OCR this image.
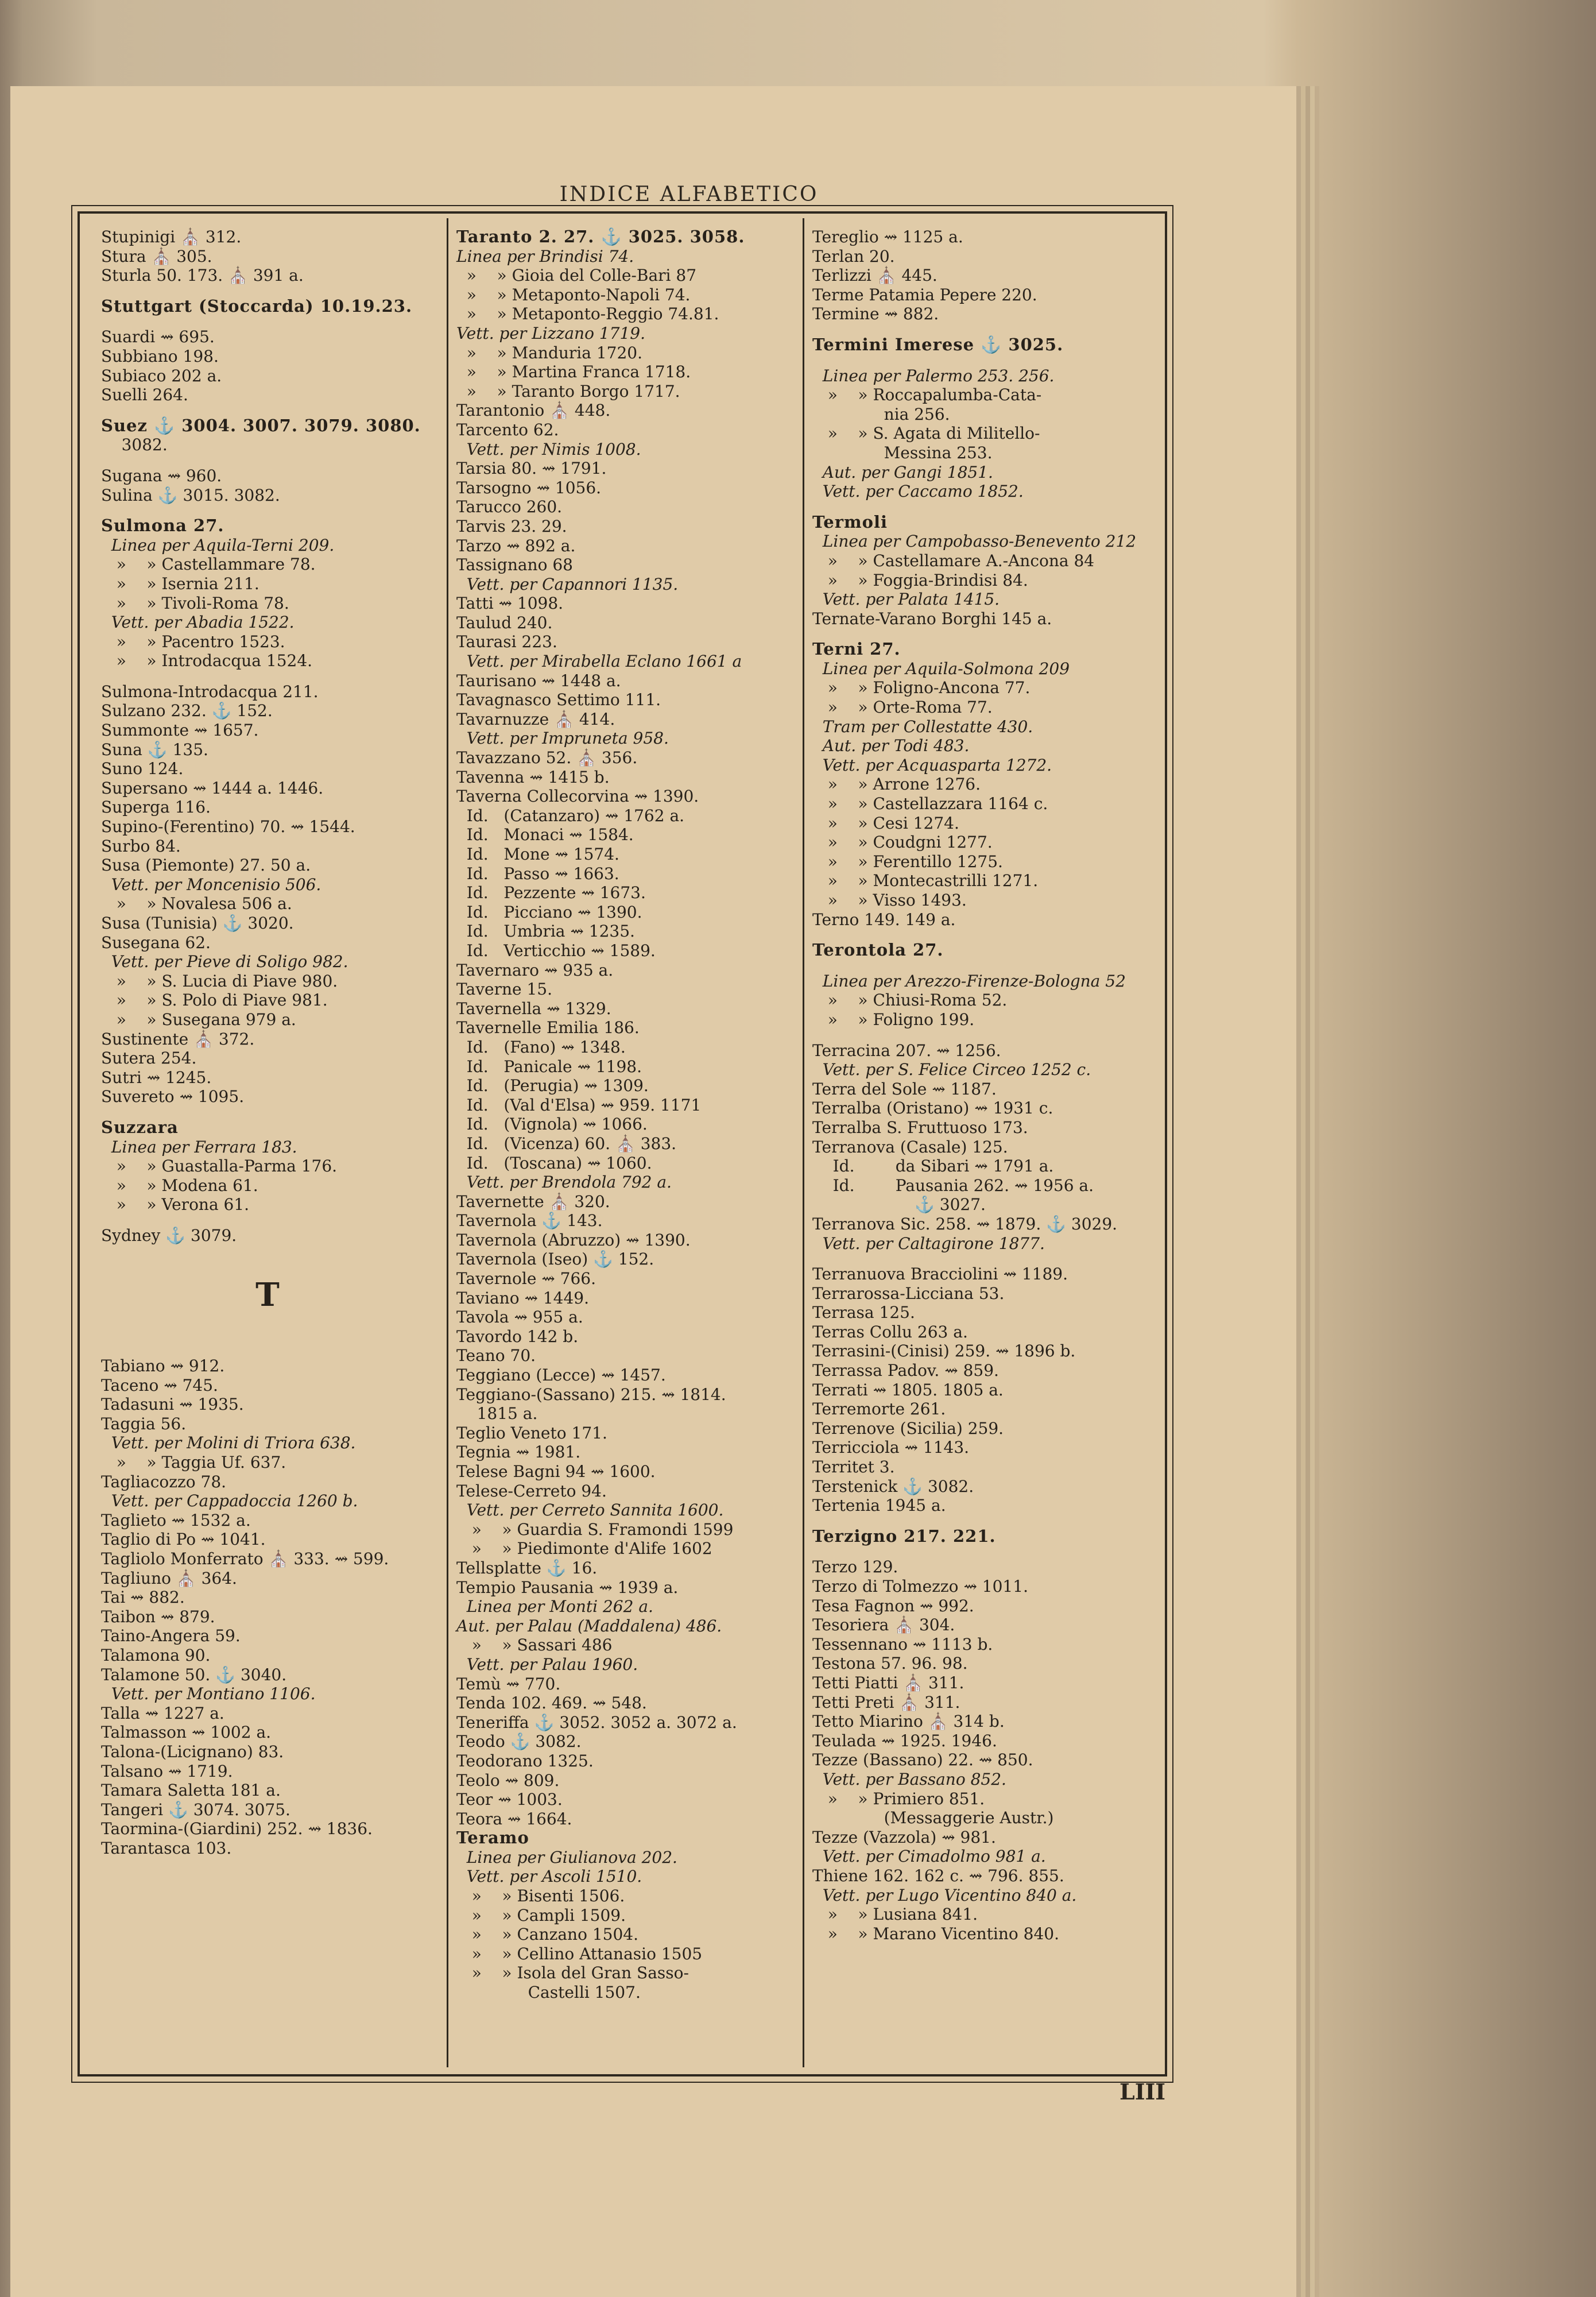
INDICE ALFABETICO
Stupinigi ⛪ 312.
Stura ⛪ 305.
Sturla 50. 173. ⛪ 391 a.
Stuttgart (Stoccarda) 10.19.23.
Suardi ⇝ 695.
Subbiano 198.
Subiaco 202 a.
Suelli 264.
Suez ⚓ 3004. 3007. 3079. 3080.
3082.
Sugana ⇝ 960.
Sulina ⚓ 3015. 3082.
Sulmona 27.
Linea per Aquila-Terni 209.
»    » Castellammare 78.
»    » Isernia 211.
»    » Tivoli-Roma 78.
Vett. per Abadia 1522.
»    » Pacentro 1523.
»    » Introdacqua 1524.
Sulmona-Introdacqua 211.
Sulzano 232. ⚓ 152.
Summonte ⇝ 1657.
Suna ⚓ 135.
Suno 124.
Supersano ⇝ 1444 a. 1446.
Superga 116.
Supino-(Ferentino) 70. ⇝ 1544.
Surbo 84.
Susa (Piemonte) 27. 50 a.
Vett. per Moncenisio 506.
»    » Novalesa 506 a.
Susa (Tunisia) ⚓ 3020.
Susegana 62.
Vett. per Pieve di Soligo 982.
»    » S. Lucia di Piave 980.
»    » S. Polo di Piave 981.
»    » Susegana 979 a.
Sustinente ⛪ 372.
Sutera 254.
Sutri ⇝ 1245.
Suvereto ⇝ 1095.
Suzzara
Linea per Ferrara 183.
»    » Guastalla-Parma 176.
»    » Modena 61.
»    » Verona 61.
Sydney ⚓ 3079.
T
Tabiano ⇝ 912.
Taceno ⇝ 745.
Tadasuni ⇝ 1935.
Taggia 56.
Vett. per Molini di Triora 638.
»    » Taggia Uf. 637.
Tagliacozzo 78.
Vett. per Cappadoccia 1260 b.
Taglieto ⇝ 1532 a.
Taglio di Po ⇝ 1041.
Tagliolo Monferrato ⛪ 333. ⇝ 599.
Tagliuno ⛪ 364.
Tai ⇝ 882.
Taibon ⇝ 879.
Taino-Angera 59.
Talamona 90.
Talamone 50. ⚓ 3040.
Vett. per Montiano 1106.
Talla ⇝ 1227 a.
Talmasson ⇝ 1002 a.
Talona-(Licignano) 83.
Talsano ⇝ 1719.
Tamara Saletta 181 a.
Tangeri ⚓ 3074. 3075.
Taormina-(Giardini) 252. ⇝ 1836.
Tarantasca 103.
Taranto 2. 27. ⚓ 3025. 3058.
Linea per Brindisi 74.
»    » Gioia del Colle-Bari 87
»    » Metaponto-Napoli 74.
»    » Metaponto-Reggio 74.81.
Vett. per Lizzano 1719.
»    » Manduria 1720.
»    » Martina Franca 1718.
»    » Taranto Borgo 1717.
Tarantonio ⛪ 448.
Tarcento 62.
Vett. per Nimis 1008.
Tarsia 80. ⇝ 1791.
Tarsogno ⇝ 1056.
Tarucco 260.
Tarvis 23. 29.
Tarzo ⇝ 892 a.
Tassignano 68
Vett. per Capannori 1135.
Tatti ⇝ 1098.
Taulud 240.
Taurasi 223.
Vett. per Mirabella Eclano 1661 a
Taurisano ⇝ 1448 a.
Tavagnasco Settimo 111.
Tavarnuzze ⛪ 414.
Vett. per Impruneta 958.
Tavazzano 52. ⛪ 356.
Tavenna ⇝ 1415 b.
Taverna Collecorvina ⇝ 1390.
Id.   (Catanzaro) ⇝ 1762 a.
Id.   Monaci ⇝ 1584.
Id.   Mone ⇝ 1574.
Id.   Passo ⇝ 1663.
Id.   Pezzente ⇝ 1673.
Id.   Picciano ⇝ 1390.
Id.   Umbria ⇝ 1235.
Id.   Verticchio ⇝ 1589.
Tavernaro ⇝ 935 a.
Taverne 15.
Tavernella ⇝ 1329.
Tavernelle Emilia 186.
Id.   (Fano) ⇝ 1348.
Id.   Panicale ⇝ 1198.
Id.   (Perugia) ⇝ 1309.
Id.   (Val d'Elsa) ⇝ 959. 1171
Id.   (Vignola) ⇝ 1066.
Id.   (Vicenza) 60. ⛪ 383.
Id.   (Toscana) ⇝ 1060.
Vett. per Brendola 792 a.
Tavernette ⛪ 320.
Tavernola ⚓ 143.
Tavernola (Abruzzo) ⇝ 1390.
Tavernola (Iseo) ⚓ 152.
Tavernole ⇝ 766.
Taviano ⇝ 1449.
Tavola ⇝ 955 a.
Tavordo 142 b.
Teano 70.
Teggiano (Lecce) ⇝ 1457.
Teggiano-(Sassano) 215. ⇝ 1814.
1815 a.
Teglio Veneto 171.
Tegnia ⇝ 1981.
Telese Bagni 94 ⇝ 1600.
Telese-Cerreto 94.
Vett. per Cerreto Sannita 1600.
»    » Guardia S. Framondi 1599
»    » Piedimonte d'Alife 1602
Tellsplatte ⚓ 16.
Tempio Pausania ⇝ 1939 a.
Linea per Monti 262 a.
Aut. per Palau (Maddalena) 486.
»    » Sassari 486
Vett. per Palau 1960.
Temù ⇝ 770.
Tenda 102. 469. ⇝ 548.
Teneriffa ⚓ 3052. 3052 a. 3072 a.
Teodo ⚓ 3082.
Teodorano 1325.
Teolo ⇝ 809.
Teor ⇝ 1003.
Teora ⇝ 1664.
Teramo
Linea per Giulianova 202.
Vett. per Ascoli 1510.
»    » Bisenti 1506.
»    » Campli 1509.
»    » Canzano 1504.
»    » Cellino Attanasio 1505
»    » Isola del Gran Sasso-
Castelli 1507.
Tereglio ⇝ 1125 a.
Terlan 20.
Terlizzi ⛪ 445.
Terme Patamia Pepere 220.
Termine ⇝ 882.
Termini Imerese ⚓ 3025.
Linea per Palermo 253. 256.
»    » Roccapalumba-Cata-
nia 256.
»    » S. Agata di Militello-
Messina 253.
Aut. per Gangi 1851.
Vett. per Caccamo 1852.
Termoli
Linea per Campobasso-Benevento 212
»    » Castellamare A.-Ancona 84
»    » Foggia-Brindisi 84.
Vett. per Palata 1415.
Ternate-Varano Borghi 145 a.
Terni 27.
Linea per Aquila-Solmona 209
»    » Foligno-Ancona 77.
»    » Orte-Roma 77.
Tram per Collestatte 430.
Aut. per Todi 483.
Vett. per Acquasparta 1272.
»    » Arrone 1276.
»    » Castellazzara 1164 c.
»    » Cesi 1274.
»    » Coudgni 1277.
»    » Ferentillo 1275.
»    » Montecastrilli 1271.
»    » Visso 1493.
Terno 149. 149 a.
Terontola 27.
Linea per Arezzo-Firenze-Bologna 52
»    » Chiusi-Roma 52.
»    » Foligno 199.
Terracina 207. ⇝ 1256.
Vett. per S. Felice Circeo 1252 c.
Terra del Sole ⇝ 1187.
Terralba (Oristano) ⇝ 1931 c.
Terralba S. Fruttuoso 173.
Terranova (Casale) 125.
Id.        da Sibari ⇝ 1791 a.
Id.        Pausania 262. ⇝ 1956 a.
⚓ 3027.
Terranova Sic. 258. ⇝ 1879. ⚓ 3029.
Vett. per Caltagirone 1877.
Terranuova Bracciolini ⇝ 1189.
Terrarossa-Licciana 53.
Terrasa 125.
Terras Collu 263 a.
Terrasini-(Cinisi) 259. ⇝ 1896 b.
Terrassa Padov. ⇝ 859.
Terrati ⇝ 1805. 1805 a.
Terremorte 261.
Terrenove (Sicilia) 259.
Terricciola ⇝ 1143.
Territet 3.
Terstenick ⚓ 3082.
Tertenia 1945 a.
Terzigno 217. 221.
Terzo 129.
Terzo di Tolmezzo ⇝ 1011.
Tesa Fagnon ⇝ 992.
Tesoriera ⛪ 304.
Tessennano ⇝ 1113 b.
Testona 57. 96. 98.
Tetti Piatti ⛪ 311.
Tetti Preti ⛪ 311.
Tetto Miarino ⛪ 314 b.
Teulada ⇝ 1925. 1946.
Tezze (Bassano) 22. ⇝ 850.
Vett. per Bassano 852.
»    » Primiero 851.
(Messaggerie Austr.)
Tezze (Vazzola) ⇝ 981.
Vett. per Cimadolmo 981 a.
Thiene 162. 162 c. ⇝ 796. 855.
Vett. per Lugo Vicentino 840 a.
»    » Lusiana 841.
»    » Marano Vicentino 840.
LIII
